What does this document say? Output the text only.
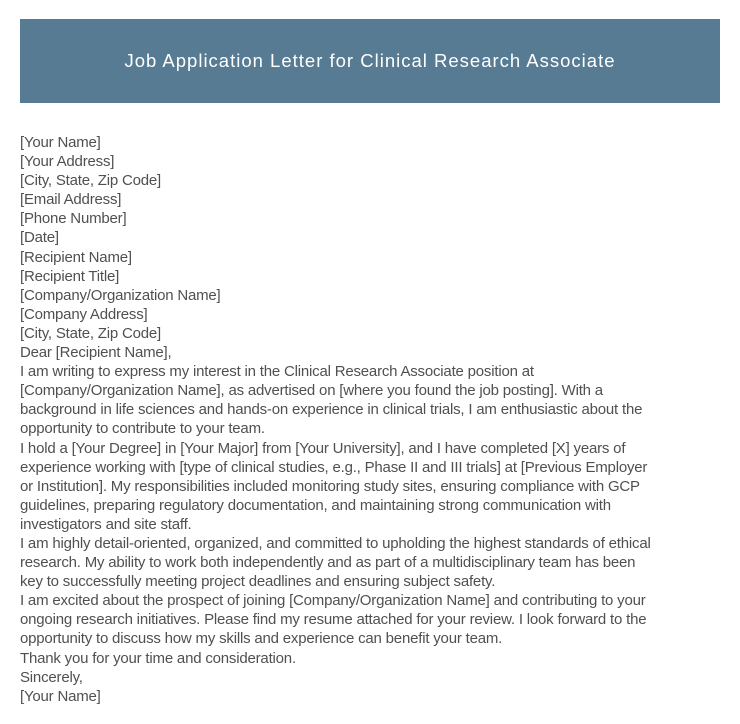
Job Application Letter for Clinical Research Associate
[Your Name]
[Your Address]
[City, State, Zip Code]
[Email Address]
[Phone Number]
[Date]
[Recipient Name]
[Recipient Title]
[Company/Organization Name]
[Company Address]
[City, State, Zip Code]
Dear [Recipient Name],
I am writing to express my interest in the Clinical Research Associate position at
[Company/Organization Name], as advertised on [where you found the job posting]. With a
background in life sciences and hands-on experience in clinical trials, I am enthusiastic about the
opportunity to contribute to your team.
I hold a [Your Degree] in [Your Major] from [Your University], and I have completed [X] years of
experience working with [type of clinical studies, e.g., Phase II and III trials] at [Previous Employer
or Institution]. My responsibilities included monitoring study sites, ensuring compliance with GCP
guidelines, preparing regulatory documentation, and maintaining strong communication with
investigators and site staff.
I am highly detail-oriented, organized, and committed to upholding the highest standards of ethical
research. My ability to work both independently and as part of a multidisciplinary team has been
key to successfully meeting project deadlines and ensuring subject safety.
I am excited about the prospect of joining [Company/Organization Name] and contributing to your
ongoing research initiatives. Please find my resume attached for your review. I look forward to the
opportunity to discuss how my skills and experience can benefit your team.
Thank you for your time and consideration.
Sincerely,
[Your Name]
